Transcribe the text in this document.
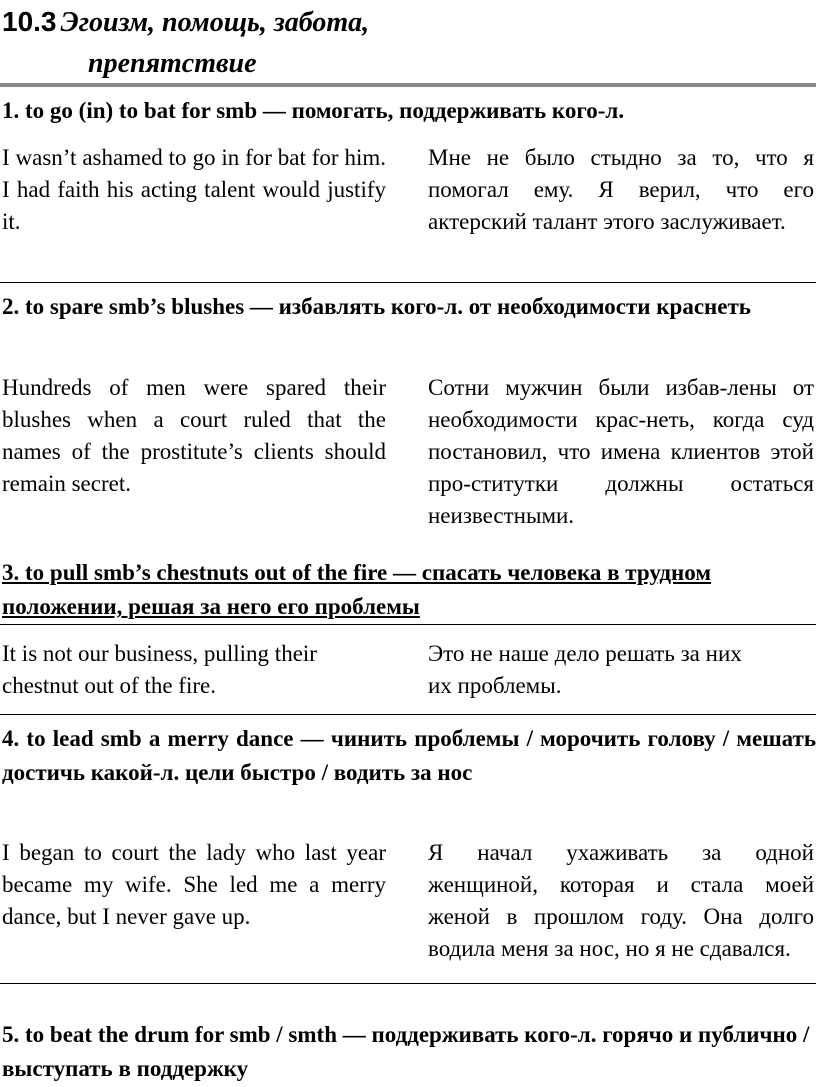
10.3 Эгоизм, помощь, забота,
препятствие
1. to go (in) to bat for smb — помогать, поддерживать кого-л.
I wasn’t ashamed to go in for bat for him. I had faith his acting talent would justify it.
Мне не было стыдно за то, что я помогал ему. Я верил, что его актерский талант этого заслуживает.
2. to spare smb’s blushes — избавлять кого-л. от необходимости краснеть
Hundreds of men were spared their blushes when a court ruled that the names of the prostitute’s clients should remain secret.
Сотни мужчин были избав-лены от необходимости крас-неть, когда суд постановил, что имена клиентов этой про-ститутки должны остаться неизвестными.
3. to pull smb’s chestnuts out of the fire — спасать человека в трудном положении, решая за него его проблемы
It is not our business, pulling their chestnut out of the fire.
Это не наше дело решать за них их проблемы.
4. to lead smb a merry dance — чинить проблемы / морочить голову / мешать достичь какой-л. цели быстро / водить за нос
I began to court the lady who last year became my wife. She led me a merry dance, but I never gave up.
Я начал ухаживать за одной женщиной, которая и стала моей женой в прошлом году. Она долго водила меня за нос, но я не сдавался.
5. to beat the drum for smb / smth — поддерживать кого-л. горячо и публично / выступать в поддержку
